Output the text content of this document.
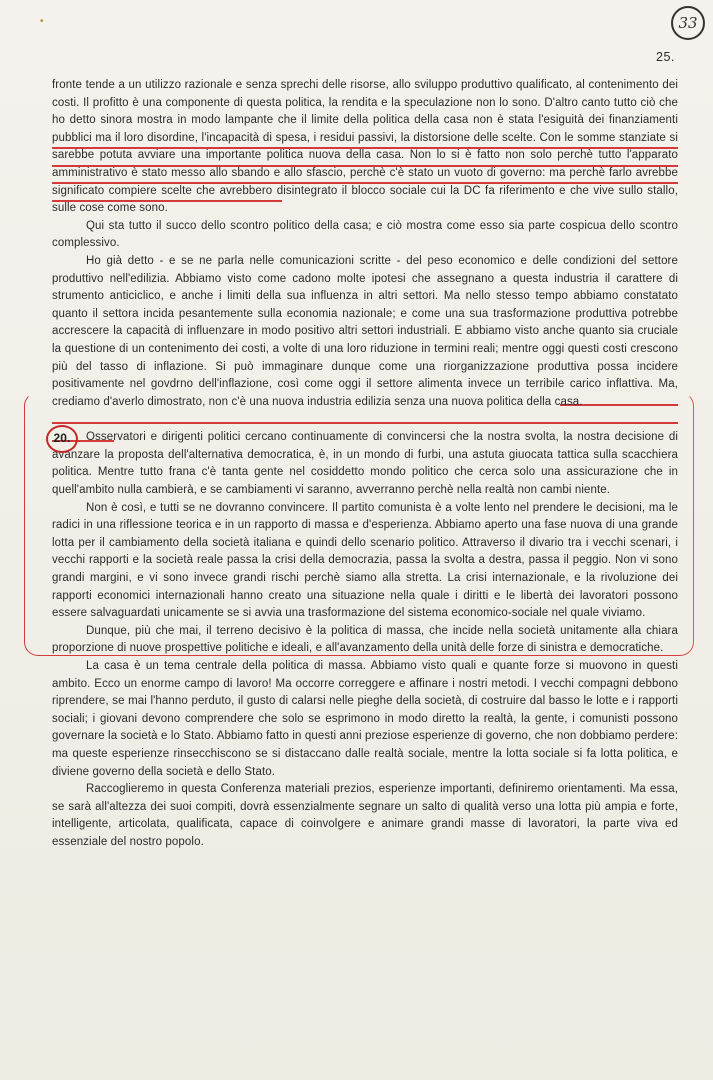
•	33
25.

fronte tende a un utilizzo razionale e senza sprechi delle risorse, allo sviluppo produttivo qualificato, al contenimento dei costi. Il profitto è una componente di questa politica, la rendita e la speculazione non lo sono. D'altro canto tutto ciò che ho detto sinora mostra in modo lampante che il limite della politica della casa non è stata l'esiguità dei finanziamenti pubblici ma il loro disordine, l'incapacità di spesa, i residui passivi, la distorsione delle scelte. Con le somme stanziate si sarebbe potuta avviare una importante politica nuova della casa. Non lo si è fatto non solo perchè tutto l'apparato amministrativo è stato messo allo sbando e allo sfascio, perchè c'è stato un vuoto di governo: ma perchè farlo avrebbe significato compiere scelte che avrebbero disintegrato il blocco sociale cui la DC fa riferimento e che vive sullo stallo, sulle cose come sono.

Qui sta tutto il succo dello scontro politico della casa; e ciò mostra come esso sia parte cospicua dello scontro complessivo.

Ho già detto - e se ne parla nelle comunicazioni scritte - del peso economico e delle condizioni del settore produttivo nell'edilizia. Abbiamo visto come cadono molte ipotesi che assegnano a questa industria il carattere di strumento anticiclico, e anche i limiti della sua influenza in altri settori. Ma nello stesso tempo abbiamo constatato quanto il settora incida pesantemente sulla economia nazionale; e come una sua trasformazione produttiva potrebbe accrescere la capacità di influenzare in modo positivo altri settori industriali. E abbiamo visto anche quanto sia cruciale la questione di un contenimento dei costi, a volte di una loro riduzione in termini reali; mentre oggi questi costi crescono più del tasso di inflazione. Si può immaginare dunque come una riorganizzazione produttiva possa incidere positivamente nel govdrno dell'inflazione, così come oggi il settore alimenta invece un terribile carico inflattiva. Ma, crediamo d'averlo dimostrato, non c'è una nuova industria edilizia senza una nuova politica della casa.

20.	Osservatori e dirigenti politici cercano continuamente di convincersi che la nostra svolta, la nostra decisione di avanzare la proposta dell'alternativa democratica, è, in un mondo di furbi, una astuta giuocata tattica sulla scacchiera politica. Mentre tutto frana c'è tanta gente nel cosiddetto mondo politico che cerca solo una assicurazione che in quell'ambito nulla cambierà, e se cambiamenti vi saranno, avverranno perchè nella realtà non cambi niente.

Non è così, e tutti se ne dovranno convincere. Il partito comunista è a volte lento nel prendere le decisioni, ma le radici in una riflessione teorica e in un rapporto di massa e d'esperienza. Abbiamo aperto una fase nuova di una grande lotta per il cambiamento della società italiana e quindi dello scenario politico. Attraverso il divario tra i vecchi scenari, i vecchi rapporti e la società reale passa la crisi della democrazia, passa la svolta a destra, passa il peggio. Non vi sono grandi margini, e vi sono invece grandi rischi perchè siamo alla stretta. La crisi internazionale, e la rivoluzione dei rapporti economici internazionali hanno creato una situazione nella quale i diritti e le libertà dei lavoratori possono essere salvaguardati unicamente se si avvia una trasformazione del sistema economico-sociale nel quale viviamo.

Dunque, più che mai, il terreno decisivo è la politica di massa, che incide nella società unitamente alla chiara proporzione di nuove prospettive politiche e ideali, e all'avanzamento della unità delle forze di sinistra e democratiche.

La casa è un tema centrale della politica di massa. Abbiamo visto quali e quante forze si muovono in questi ambito. Ecco un enorme campo di lavoro! Ma occorre correggere e affinare i nostri metodi. I vecchi compagni debbono riprendere, se mai l'hanno perduto, il gusto di calarsi nelle pieghe della società, di costruire dal basso le lotte e i rapporti sociali; i giovani devono comprendere che solo se esprimono in modo diretto la realtà, la gente, i comunisti possono governare la società e lo Stato. Abbiamo fatto in questi anni preziose esperienze di governo, che non dobbiamo perdere: ma queste esperienze rinsecchiscono se si distaccano dalle realtà sociale, mentre la lotta sociale si fa lotta politica, e diviene governo della società e dello Stato.

Raccoglieremo in questa Conferenza materiali prezios, esperienze importanti, definiremo orientamenti. Ma essa, se sarà all'altezza dei suoi compiti, dovrà essenzialmente segnare un salto di qualità verso una lotta più ampia e forte, intelligente, articolata, qualificata, capace di coinvolgere e animare grandi masse di lavoratori, la parte viva ed essenziale del nostro popolo.
